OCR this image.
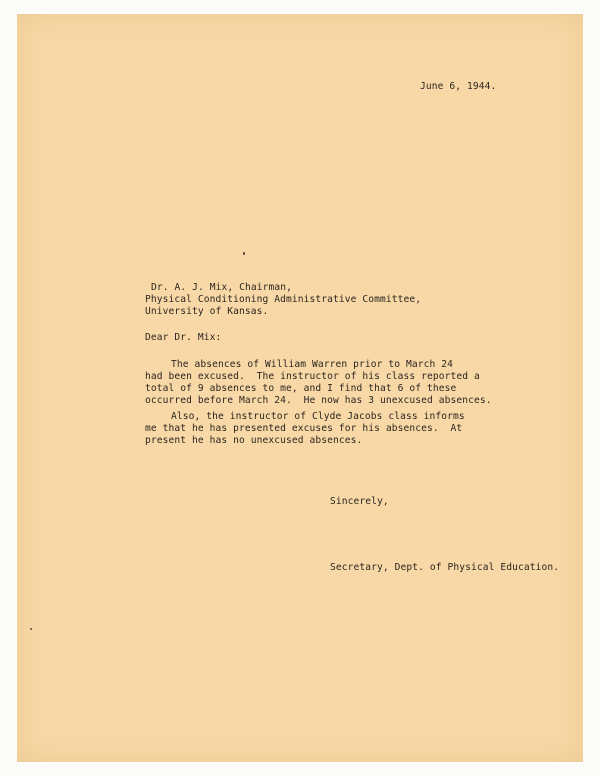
June 6, 1944.
Dr. A. J. Mix, Chairman,
Physical Conditioning Administrative Committee,
University of Kansas.
Dear Dr. Mix:
The absences of William Warren prior to March 24
had been excused.  The instructor of his class reported a
total of 9 absences to me, and I find that 6 of these
occurred before March 24.  He now has 3 unexcused absences.
Also, the instructor of Clyde Jacobs class informs
me that he has presented excuses for his absences.  At
present he has no unexcused absences.
Sincerely,
Secretary, Dept. of Physical Education.
